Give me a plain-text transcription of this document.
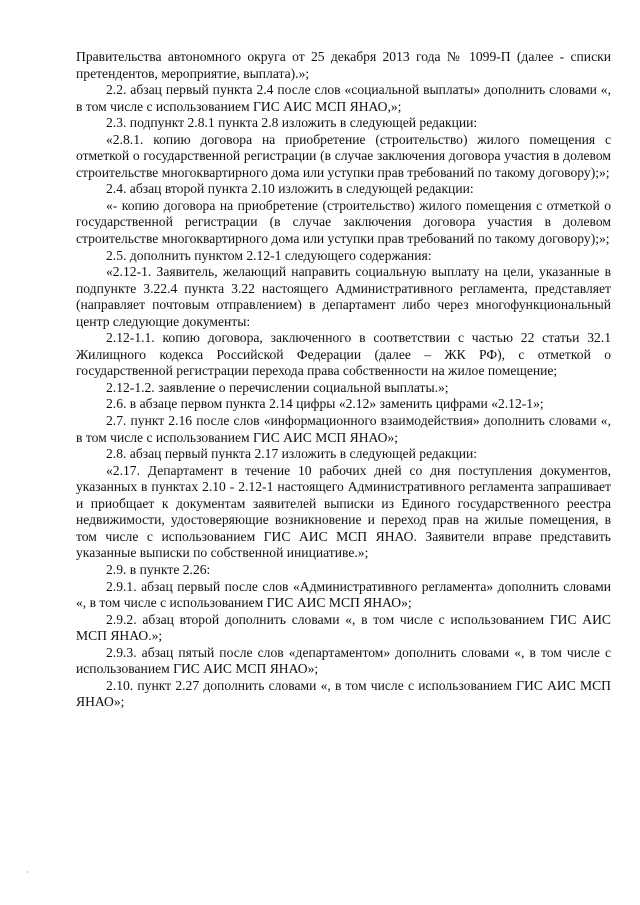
Правительства автономного округа от 25 декабря 2013 года № 1099-П (далее - списки претендентов, мероприятие, выплата).»;

2.2. абзац первый пункта 2.4 после слов «социальной выплаты» дополнить словами «, в том числе с использованием ГИС АИС МСП ЯНАО,»;

2.3. подпункт 2.8.1 пункта 2.8 изложить в следующей редакции:

«2.8.1. копию договора на приобретение (строительство) жилого помещения с отметкой о государственной регистрации (в случае заключения договора участия в долевом строительстве многоквартирного дома или уступки прав требований по такому договору);»;

2.4. абзац второй пункта 2.10 изложить в следующей редакции:

«- копию договора на приобретение (строительство) жилого помещения с отметкой о государственной регистрации (в случае заключения договора участия в долевом строительстве многоквартирного дома или уступки прав требований по такому договору);»;

2.5. дополнить пунктом 2.12-1 следующего содержания:

«2.12-1. Заявитель, желающий направить социальную выплату на цели, указанные в подпункте 3.22.4 пункта 3.22 настоящего Административного регламента, представляет (направляет почтовым отправлением) в департамент либо через многофункциональный центр следующие документы:

2.12-1.1. копию договора, заключенного в соответствии с частью 22 статьи 32.1 Жилищного кодекса Российской Федерации (далее – ЖК РФ), с отметкой о государственной регистрации перехода права собственности на жилое помещение;

2.12-1.2. заявление о перечислении социальной выплаты.»;

2.6. в абзаце первом пункта 2.14 цифры «2.12» заменить цифрами «2.12-1»;

2.7. пункт 2.16 после слов «информационного взаимодействия» дополнить словами «, в том числе с использованием ГИС АИС МСП ЯНАО»;

2.8. абзац первый пункта 2.17 изложить в следующей редакции:

«2.17. Департамент в течение 10 рабочих дней со дня поступления документов, указанных в пунктах 2.10 - 2.12-1 настоящего Административного регламента запрашивает и приобщает к документам заявителей выписки из Единого государственного реестра недвижимости, удостоверяющие возникновение и переход прав на жилые помещения, в том числе с использованием ГИС АИС МСП ЯНАО. Заявители вправе представить указанные выписки по собственной инициативе.»;

2.9. в пункте 2.26:

2.9.1. абзац первый после слов «Административного регламента» дополнить словами «, в том числе с использованием ГИС АИС МСП ЯНАО»;

2.9.2. абзац второй дополнить словами «, в том числе с использованием ГИС АИС МСП ЯНАО.»;

2.9.3. абзац пятый после слов «департаментом» дополнить словами «, в том числе с использованием ГИС АИС МСП ЯНАО»;

2.10. пункт 2.27 дополнить словами «, в том числе с использованием ГИС АИС МСП ЯНАО»;

·
